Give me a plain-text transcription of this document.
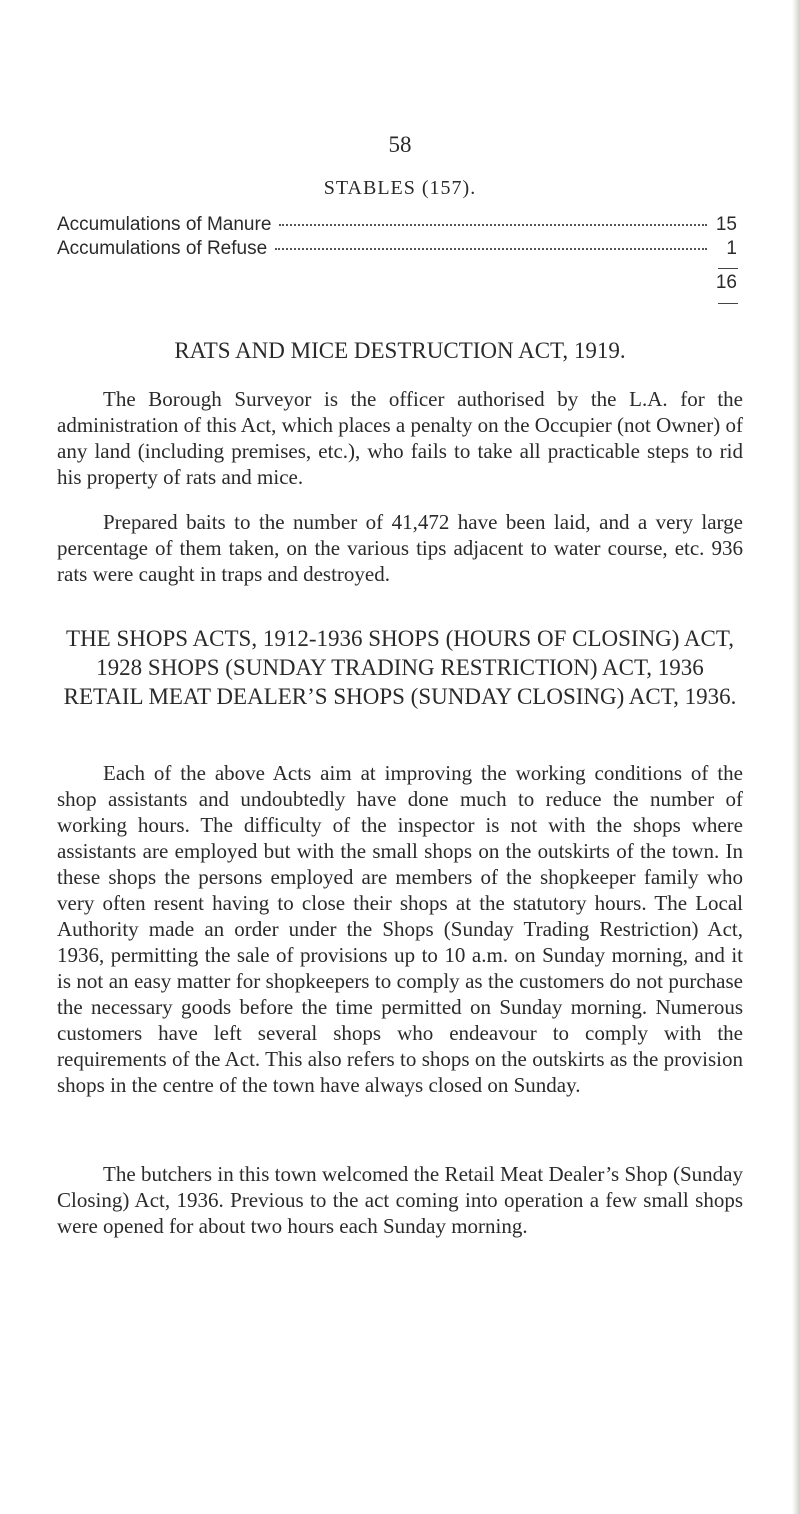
58
STABLES (157).
Accumulations of Manure	15
Accumulations of Refuse	1
16
RATS AND MICE DESTRUCTION ACT, 1919.

The Borough Surveyor is the officer authorised by the L.A. for the administration of this Act, which places a penalty on the Occupier (not Owner) of any land (including premises, etc.), who fails to take all practicable steps to rid his property of rats and mice.

Prepared baits to the number of 41,472 have been laid, and a very large percentage of them taken, on the various tips adjacent to water course, etc. 936 rats were caught in traps and destroyed.

THE SHOPS ACTS, 1912-1936 SHOPS (HOURS OF CLOSING) ACT, 1928 SHOPS (SUNDAY TRADING RESTRICTION) ACT, 1936 RETAIL MEAT DEALER’S SHOPS (SUNDAY CLOSING) ACT, 1936.

Each of the above Acts aim at improving the working conditions of the shop assistants and undoubtedly have done much to reduce the number of working hours. The difficulty of the inspector is not with the shops where assistants are employed but with the small shops on the outskirts of the town. In these shops the persons employed are members of the shopkeeper family who very often resent having to close their shops at the statutory hours. The Local Authority made an order under the Shops (Sunday Trading Restriction) Act, 1936, permitting the sale of provisions up to 10 a.m. on Sunday morning, and it is not an easy matter for shopkeepers to comply as the customers do not purchase the necessary goods before the time permitted on Sunday morning. Numerous customers have left several shops who endeavour to comply with the requirements of the Act. This also refers to shops on the outskirts as the provision shops in the centre of the town have always closed on Sunday.

The butchers in this town welcomed the Retail Meat Dealer’s Shop (Sunday Closing) Act, 1936. Previous to the act coming into operation a few small shops were opened for about two hours each Sunday morning.
